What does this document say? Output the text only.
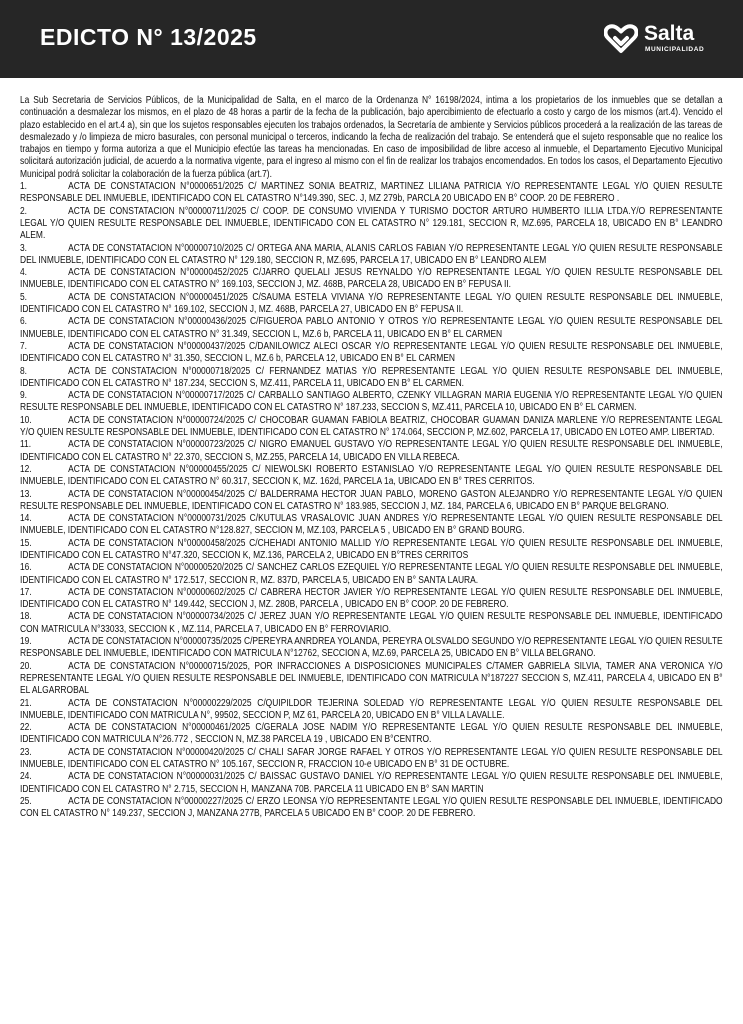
EDICTO N° 13/2025	Salta
MUNICIPALIDAD

La Sub Secretaria de Servicios Públicos, de la Municipalidad de Salta, en el marco de la Ordenanza N° 16198/2024, intima a los propietarios de los inmuebles que se detallan a continuación a desmalezar los mismos, en el plazo de 48 horas a partir de la fecha de la publicación, bajo apercibimiento de efectuarlo a costo y cargo de los mismos (art.4). Vencido el plazo establecido en el art.4 a), sin que los sujetos responsables ejecuten los trabajos ordenados, la Secretaría de ambiente y Servicios públicos procederá a la realización de las tareas de desmalezado y /o limpieza de micro basurales, con personal municipal o terceros, indicando la fecha de realización del trabajo. Se entenderá que el sujeto responsable que no realice los trabajos en tiempo y forma autoriza a que el Municipio efectúe las tareas ha mencionadas. En caso de imposibilidad de libre acceso al inmueble, el Departamento Ejecutivo Municipal solicitará autorización judicial, de acuerdo a la normativa vigente, para el ingreso al mismo con el fin de realizar los trabajos encomendados. En todos los casos, el Departamento Ejecutivo Municipal podrá solicitar la colaboración de la fuerza pública (art.7).

1.	ACTA DE CONSTATACION N°0000651/2025 C/ MARTINEZ SONIA BEATRIZ, MARTINEZ LILIANA PATRICIA Y/O REPRESENTANTE LEGAL Y/O QUIEN RESULTE RESPONSABLE DEL INMUEBLE, IDENTIFICADO CON EL CATASTRO N°149.390, SEC. J, MZ 279b, PARCLA 20 UBICADO EN B° COOP. 20 DE FEBRERO .

2.	ACTA DE CONSTATACION N°00000711/2025 C/ COOP. DE CONSUMO VIVIENDA Y TURISMO DOCTOR ARTURO HUMBERTO ILLIA LTDA.Y/O REPRESENTANTE LEGAL Y/O QUIEN RESULTE RESPONSABLE DEL INMUEBLE, IDENTIFICADO CON EL CATASTRO N° 129.181, SECCION R, MZ.695, PARCELA 18, UBICADO EN B° LEANDRO ALEM.

3.	ACTA DE CONSTATACION N°00000710/2025 C/ ORTEGA ANA MARIA, ALANIS CARLOS FABIAN Y/O REPRESENTANTE LEGAL Y/O QUIEN RESULTE RESPONSABLE DEL INMUEBLE, IDENTIFICADO CON EL CATASTRO N° 129.180, SECCION R, MZ.695, PARCELA 17, UBICADO EN B° LEANDRO ALEM

4.	ACTA DE CONSTATACION N°00000452/2025 C/JARRO QUELALI JESUS REYNALDO Y/O REPRESENTANTE LEGAL Y/O QUIEN RESULTE RESPONSABLE DEL INMUEBLE, IDENTIFICADO CON EL CATASTRO N° 169.103, SECCION J, MZ. 468B, PARCELA 28, UBICADO EN B° FEPUSA II.

5.	ACTA DE CONSTATACION N°00000451/2025 C/SAUMA ESTELA VIVIANA Y/O REPRESENTANTE LEGAL Y/O QUIEN RESULTE RESPONSABLE DEL INMUEBLE, IDENTIFICADO CON EL CATASTRO N° 169.102, SECCION J, MZ. 468B, PARCELA 27, UBICADO EN B° FEPUSA II.

6.	ACTA DE CONSTATACION N°00000436/2025 C/FIGUEROA PABLO ANTONIO Y OTROS Y/O REPRESENTANTE LEGAL Y/O QUIEN RESULTE RESPONSABLE DEL INMUEBLE, IDENTIFICADO CON EL CATASTRO N° 31.349, SECCION L, MZ.6 b, PARCELA 11, UBICADO EN B° EL CARMEN

7.	ACTA DE CONSTATACION N°00000437/2025 C/DANILOWICZ ALECI OSCAR Y/O REPRESENTANTE LEGAL Y/O QUIEN RESULTE RESPONSABLE DEL INMUEBLE, IDENTIFICADO CON EL CATASTRO N° 31.350, SECCION L, MZ.6 b, PARCELA 12, UBICADO EN B° EL CARMEN

8.	ACTA DE CONSTATACION N°00000718/2025 C/ FERNANDEZ MATIAS Y/O REPRESENTANTE LEGAL Y/O QUIEN RESULTE RESPONSABLE DEL INMUEBLE, IDENTIFICADO CON EL CATASTRO N° 187.234, SECCION S, MZ.411, PARCELA 11, UBICADO EN B° EL CARMEN.

9.	ACTA DE CONSTATACION N°00000717/2025 C/ CARBALLO SANTIAGO ALBERTO, CZENKY VILLAGRAN MARIA EUGENIA Y/O REPRESENTANTE LEGAL Y/O QUIEN RESULTE RESPONSABLE DEL INMUEBLE, IDENTIFICADO CON EL CATASTRO N° 187.233, SECCION S, MZ.411, PARCELA 10, UBICADO EN B° EL CARMEN.

10.	ACTA DE CONSTATACION N°00000724/2025 C/ CHOCOBAR GUAMAN FABIOLA BEATRIZ, CHOCOBAR GUAMAN DANIZA MARLENE Y/O REPRESENTANTE LEGAL Y/O QUIEN RESULTE RESPONSABLE DEL INMUEBLE, IDENTIFICADO CON EL CATASTRO N° 174.064, SECCION P, MZ.602, PARCELA 17, UBICADO EN LOTEO AMP. LIBERTAD.

11.	ACTA DE CONSTATACION N°00000723/2025 C/ NIGRO EMANUEL GUSTAVO Y/O REPRESENTANTE LEGAL Y/O QUIEN RESULTE RESPONSABLE DEL INMUEBLE, IDENTIFICADO CON EL CATASTRO N° 22.370, SECCION S, MZ.255, PARCELA 14, UBICADO EN VILLA REBECA.

12.	ACTA DE CONSTATACION N°00000455/2025 C/ NIEWOLSKI ROBERTO ESTANISLAO Y/O REPRESENTANTE LEGAL Y/O QUIEN RESULTE RESPONSABLE DEL INMUEBLE, IDENTIFICADO CON EL CATASTRO N° 60.317, SECCION K, MZ. 162d, PARCELA 1a, UBICADO EN B° TRES CERRITOS.

13.	ACTA DE CONSTATACION N°00000454/2025 C/ BALDERRAMA HECTOR JUAN PABLO, MORENO GASTON ALEJANDRO Y/O REPRESENTANTE LEGAL Y/O QUIEN RESULTE RESPONSABLE DEL INMUEBLE, IDENTIFICADO CON EL CATASTRO N° 183.985, SECCION J, MZ. 184, PARCELA 6, UBICADO EN B° PARQUE BELGRANO.

14.	ACTA DE CONSTATACION N°00000731/2025 C/KUTULAS VRASALOVIC JUAN ANDRES Y/O REPRESENTANTE LEGAL Y/O QUIEN RESULTE RESPONSABLE DEL INMUEBLE, IDENTIFICADO CON EL CATASTRO N°128.827, SECCION M, MZ.103, PARCELA 5 , UBICADO EN B° GRAND BOURG.

15.	ACTA DE CONSTATACION N°00000458/2025 C/CHEHADI ANTONIO MALLID Y/O REPRESENTANTE LEGAL Y/O QUIEN RESULTE RESPONSABLE DEL INMUEBLE, IDENTIFICADO CON EL CATASTRO N°47.320, SECCION K, MZ.136, PARCELA 2, UBICADO EN B°TRES CERRITOS

16.	ACTA DE CONSTATACION N°00000520/2025 C/ SANCHEZ CARLOS EZEQUIEL Y/O REPRESENTANTE LEGAL Y/O QUIEN RESULTE RESPONSABLE DEL INMUEBLE, IDENTIFICADO CON EL CATASTRO N° 172.517, SECCION R, MZ. 837D, PARCELA 5, UBICADO EN B° SANTA LAURA.

17.	ACTA DE CONSTATACION N°00000602/2025 C/ CABRERA HECTOR JAVIER Y/O REPRESENTANTE LEGAL Y/O QUIEN RESULTE RESPONSABLE DEL INMUEBLE, IDENTIFICADO CON EL CATASTRO N° 149.442, SECCION J, MZ. 280B, PARCELA , UBICADO EN B° COOP. 20 DE FEBRERO.

18.	ACTA DE CONSTATACION N°00000734/2025 C/ JEREZ JUAN Y/O REPRESENTANTE LEGAL Y/O QUIEN RESULTE RESPONSABLE DEL INMUEBLE, IDENTIFICADO CON MATRICULA N°33033, SECCION K , MZ.114, PARCELA 7, UBICADO EN B° FERROVIARIO.

19.	ACTA DE CONSTATACION N°00000735/2025 C/PEREYRA ANRDREA YOLANDA, PEREYRA OLSVALDO SEGUNDO Y/O REPRESENTANTE LEGAL Y/O QUIEN RESULTE RESPONSABLE DEL INMUEBLE, IDENTIFICADO CON MATRICULA N°12762, SECCION A, MZ.69, PARCELA 25, UBICADO EN B° VILLA BELGRANO.

20.	ACTA DE CONSTATACION N°00000715/2025, POR INFRACCIONES A DISPOSICIONES MUNICIPALES C/TAMER GABRIELA SILVIA, TAMER ANA VERONICA Y/O REPRESENTANTE LEGAL Y/O QUIEN RESULTE RESPONSABLE DEL INMUEBLE, IDENTIFICADO CON MATRICULA N°187227 SECCION S, MZ.411, PARCELA 4, UBICADO EN B° EL ALGARROBAL

21.	ACTA DE CONSTATACION N°00000229/2025 C/QUIPILDOR TEJERINA SOLEDAD Y/O REPRESENTANTE LEGAL Y/O QUIEN RESULTE RESPONSABLE DEL INMUEBLE, IDENTIFICADO CON MATRICULA N°, 99502, SECCION P, MZ 61, PARCELA 20, UBICADO EN B° VILLA LAVALLE.

22.	ACTA DE CONSTATACION N°00000461/2025 C/GERALA JOSE NADIM Y/O REPRESENTANTE LEGAL Y/O QUIEN RESULTE RESPONSABLE DEL INMUEBLE, IDENTIFICADO CON MATRICULA N°26.772 , SECCION N, MZ.38 PARCELA 19 , UBICADO EN B°CENTRO.

23.	ACTA DE CONSTATACION N°00000420/2025 C/ CHALI SAFAR JORGE RAFAEL Y OTROS Y/O REPRESENTANTE LEGAL Y/O QUIEN RESULTE RESPONSABLE DEL INMUEBLE, IDENTIFICADO CON EL CATASTRO N° 105.167, SECCION R, FRACCION 10-e UBICADO EN B° 31 DE OCTUBRE.

24.	ACTA DE CONSTATACION N°00000031/2025 C/ BAISSAC GUSTAVO DANIEL Y/O REPRESENTANTE LEGAL Y/O QUIEN RESULTE RESPONSABLE DEL INMUEBLE, IDENTIFICADO CON EL CATASTRO N° 2.715, SECCION H, MANZANA 70B. PARCELA 11 UBICADO EN B° SAN MARTIN

25.	ACTA DE CONSTATACION N°00000227/2025 C/ ERZO LEONSA Y/O REPRESENTANTE LEGAL Y/O QUIEN RESULTE RESPONSABLE DEL INMUEBLE, IDENTIFICADO CON EL CATASTRO N° 149.237, SECCION J, MANZANA 277B, PARCELA 5 UBICADO EN B° COOP. 20 DE FEBRERO.
